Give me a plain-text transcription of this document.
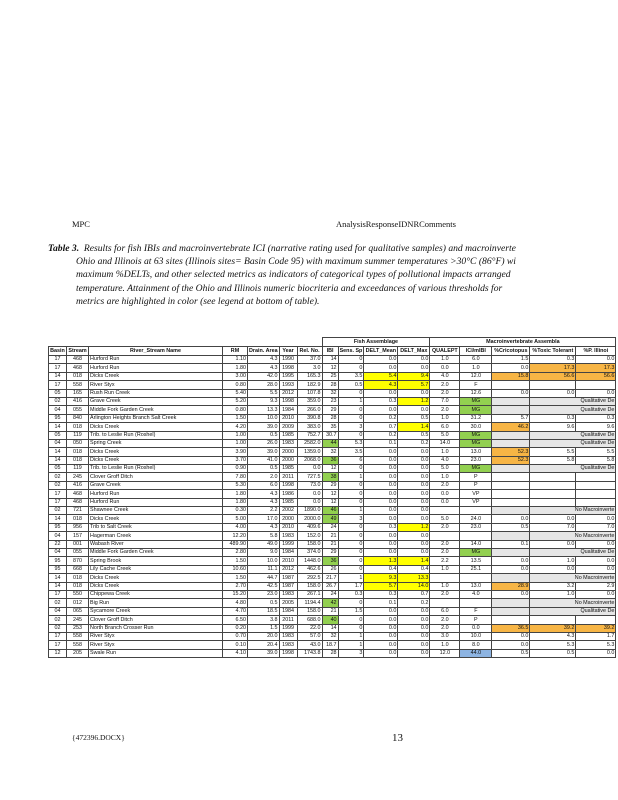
MPC	AnalysisResponseIDNRComments
Table 3. Results for fish IBIs and macroinvertebrate ICI (narrative rating used for qualitative samples) and macroinverte
Ohio and Illinois at 63 sites (Illinois sites= Basin Code 95) with maximum summer temperatures >30°C (86°F) wi
maximum %DELTs, and other selected metrics as indicators of categorical types of pollutional impacts arranged
temperature. Attainment of the Ohio and Illinois numeric biocriteria and exceedances of various thresholds for
metrics are highlighted in color (see legend at bottom of table).
							Fish Assemblage				Macroinvertebrate Assembla				
Basin	Stream	River_Stream Name	RM	Drain. Area	Year	Rel. No.	IBI	Sens. Sp	DELT_Mean	DELT_Max	QUALEPT	ICI/mIBI	%Cricotopus	%Toxic Tolerant	%P. lllinoi
17	468	Hurford Run	1.10	4.3	1990	37.0	14	0	0.0	0.0	1.0	6.0	1.5	0.3	0.0
17	468	Hurford Run	1.80	4.3	1998	3.0	12	0	0.0	0.0	0.0	1.0	0.0	17.3	17.3
14	018	Dicks Creek	3.00	42.0	1995	165.3	25	3.5	5.4	9.4	4.0	12.0	15.8	56.6	56.6
17	558	River Styx	0.80	28.0	1993	182.9	28	0.5	4.3	5.7	2.0	F			
05	165	Rush Run Creek	5.40	5.5	2012	107.8	32	0	0.0	0.0	2.0	12.6	0.0	0.0	0.0
02	416	Grave Creek	5.20	9.3	1998	359.0	23	1	0.3	1.2	7.0	MG		Qualitative De	
04	055	Middle Fork Garden Creek	0.80	13.3	1984	266.0	29	0	0.0	0.0	2.0	MG		Qualitative De	
95	840	Arlington Heights Branch Salt Creek	1.50	10.0	2010	390.8	28	0	0.2	0.5	1.0	31.2	5.7	0.3	0.3
14	018	Dicks Creek	4.20	39.0	2009	383.0	35	3	0.7	1.4	6.0	30.0	46.2	9.6	9.6
05	119	Trib. to Leslie Run (Roshel)	1.00	0.5	1985	752.7	30.7	0	0.2	0.5	5.0	MG		Qualitative De	
04	050	Spring Creek	1.00	26.0	1983	2582.0	44	5.3	0.1	0.2	14.0	MG		Qualitative De	
14	018	Dicks Creek	3.90	39.0	2000	1359.0	32	3.5	0.0	0.0	1.0	13.0	52.3	5.5	5.5
14	018	Dicks Creek	3.70	41.0	2000	2068.0	36	6	0.0	0.0	4.0	23.0	52.3	5.8	5.8
05	119	Trib. to Leslie Run (Roshel)	0.90	0.5	1985	0.0	12	0	0.0	0.0	5.0	MG		Qualitative De	
02	245	Clover Groff Ditch	7.80	2.0	2011	727.5	38	1	0.0	0.0	1.0	P			
02	416	Grave Creek	5.30	6.0	1998	73.0	29	0	0.0	0.0	2.0	P			
17	468	Hurford Run	1.80	4.3	1986	0.0	12	0	0.0	0.0	0.0	VP			
17	468	Hurford Run	1.80	4.3	1985	0.0	12	0	0.0	0.0	0.0	VP			
02	721	Shawnee Creek	0.30	2.2	2002	1890.0	46	1	0.0	0.0				No Macroinverte	
14	018	Dicks Creek	5.00	17.0	2000	2000.0	49	3	0.0	0.0	5.0	24.0	0.0	0.0	0.0
95	956	Trib to Salt Creek	4.00	4.3	2010	409.6	24	0	0.3	1.2	2.0	23.0	0.5	7.0	7.0
04	157	Hagerman Creek	12.20	5.8	1983	152.0	21	0	0.0	0.0				No Macroinverte	
22	001	Wabash River	489.90	49.0	1999	158.0	21	0	0.0	0.0	2.0	14.0	0.1	0.0	0.0
04	055	Middle Fork Garden Creek	2.80	9.0	1984	374.0	29	0	0.0	0.0	2.0	MG		Qualitative De	
95	870	Spring Brook	1.50	10.0	2010	1448.0	36	0	1.3	1.4	2.2	13.5	0.0	1.0	0.0
95	668	Lily Cache Creek	10.60	11.1	2012	462.6	26	0	0.4	0.4	1.0	25.1	0.0	0.0	0.0
14	018	Dicks Creek	1.50	44.7	1987	292.5	21.7	1	9.3	13.3				No Macroinverte	
14	018	Dicks Creek	2.70	42.5	1987	158.0	26.7	1.7	5.7	14.0	1.0	13.0	28.9	3.2	2.9
17	550	Chippewa Creek	15.20	23.0	1983	267.1	24	0.3	0.3	0.7	2.0	4.0	0.0	1.0	0.0
02	012	Big Run	4.80	0.5	2005	1194.4	42	0	0.1	0.2				No Macroinverte	
04	065	Sycamore Creek	4.70	18.5	1984	158.0	21	1.5	0.0	0.0	6.0	F		Qualitative De	
02	245	Clover Groff Ditch	6.50	3.8	2011	688.0	40	0	0.0	0.0	2.0	P			
02	253	North Branch Crosser Run	0.20	1.5	1999	22.0	14	0	0.0	0.0	2.0	0.0	36.5	39.2	39.2
17	558	River Styx	0.70	20.0	1983	57.0	32	1	0.0	0.0	3.0	10.0	0.0	4.3	1.7
17	558	River Styx	0.10	20.4	1983	43.0	18.7	1	0.0	0.0	1.0	8.0	0.0	5.3	5.3
12	205	Swale Run	4.10	39.0	1998	1743.8	28	3	0.0	0.0	12.0	44.0	0.5	0.5	0.0
{472396.DOCX}	13
